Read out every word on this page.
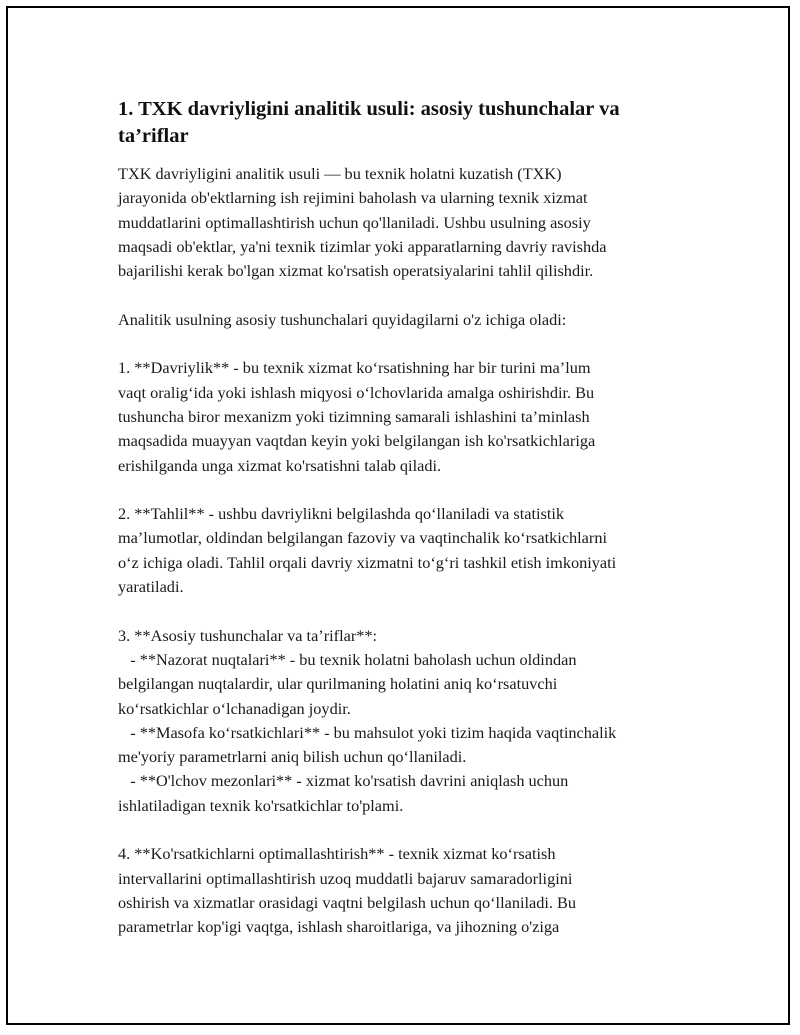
1. TXK davriyligini analitik usuli: asosiy tushunchalar va
ta’riflar
TXK davriyligini analitik usuli — bu texnik holatni kuzatish (TXK)
jarayonida ob'ektlarning ish rejimini baholash va ularning texnik xizmat
muddatlarini optimallashtirish uchun qo'llaniladi. Ushbu usulning asosiy
maqsadi ob'ektlar, ya'ni texnik tizimlar yoki apparatlarning davriy ravishda
bajarilishi kerak bo'lgan xizmat ko'rsatish operatsiyalarini tahlil qilishdir.
Analitik usulning asosiy tushunchalari quyidagilarni o'z ichiga oladi:
1. **Davriylik** - bu texnik xizmat ko‘rsatishning har bir turini ma’lum
vaqt oralig‘ida yoki ishlash miqyosi o‘lchovlarida amalga oshirishdir. Bu
tushuncha biror mexanizm yoki tizimning samarali ishlashini ta’minlash
maqsadida muayyan vaqtdan keyin yoki belgilangan ish ko'rsatkichlariga
erishilganda unga xizmat ko'rsatishni talab qiladi.
2. **Tahlil** - ushbu davriylikni belgilashda qo‘llaniladi va statistik
ma’lumotlar, oldindan belgilangan fazoviy va vaqtinchalik ko‘rsatkichlarni
o‘z ichiga oladi. Tahlil orqali davriy xizmatni to‘g‘ri tashkil etish imkoniyati
yaratiladi.
3. **Asosiy tushunchalar va ta’riflar**:
- **Nazorat nuqtalari** - bu texnik holatni baholash uchun oldindan
belgilangan nuqtalardir, ular qurilmaning holatini aniq ko‘rsatuvchi
ko‘rsatkichlar o‘lchanadigan joydir.
- **Masofa ko‘rsatkichlari** - bu mahsulot yoki tizim haqida vaqtinchalik
me'yoriy parametrlarni aniq bilish uchun qo‘llaniladi.
- **O'lchov mezonlari** - xizmat ko'rsatish davrini aniqlash uchun
ishlatiladigan texnik ko'rsatkichlar to'plami.
4. **Ko'rsatkichlarni optimallashtirish** - texnik xizmat ko‘rsatish
intervallarini optimallashtirish uzoq muddatli bajaruv samaradorligini
oshirish va xizmatlar orasidagi vaqtni belgilash uchun qo‘llaniladi. Bu
parametrlar kop'igi vaqtga, ishlash sharoitlariga, va jihozning o'ziga
